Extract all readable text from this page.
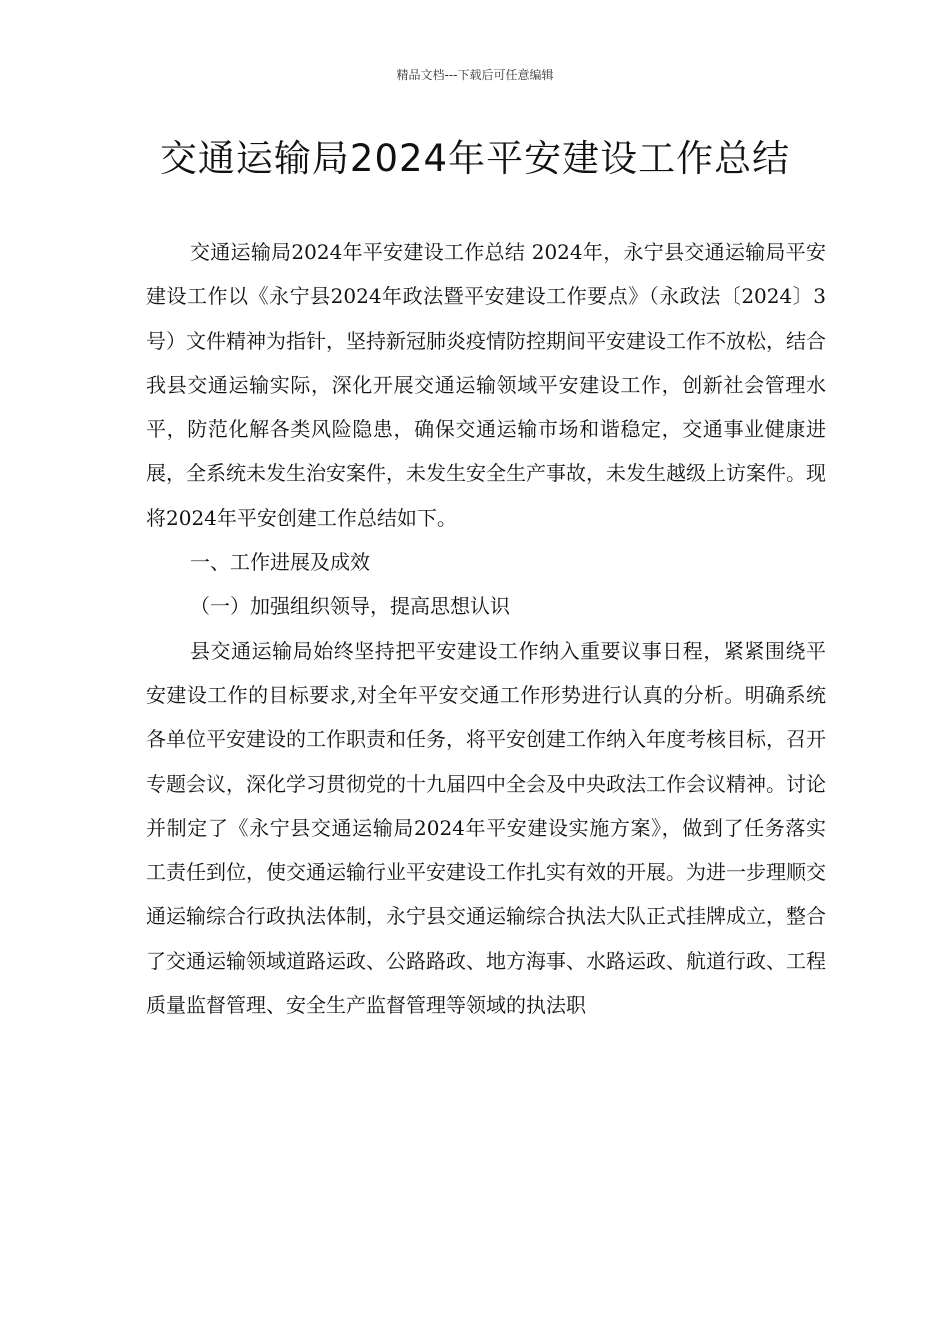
精品文档---下载后可任意编辑
交通运输局2024年平安建设工作总结

交通运输局2024年平安建设工作总结 2024年，永宁县交通运输局平安建设工作以《永宁县2024年政法暨平安建设工作要点》（永政法〔2024〕3号）文件精神为指针，坚持新冠肺炎疫情防控期间平安建设工作不放松，结合我县交通运输实际，深化开展交通运输领域平安建设工作，创新社会管理水平，防范化解各类风险隐患，确保交通运输市场和谐稳定，交通事业健康进展，全系统未发生治安案件，未发生安全生产事故，未发生越级上访案件。现将2024年平安创建工作总结如下。

一、工作进展及成效

（一）加强组织领导，提高思想认识

县交通运输局始终坚持把平安建设工作纳入重要议事日程，紧紧围绕平安建设工作的目标要求,对全年平安交通工作形势进行认真的分析。明确系统各单位平安建设的工作职责和任务，将平安创建工作纳入年度考核目标，召开专题会议，深化学习贯彻党的十九届四中全会及中央政法工作会议精神。讨论并制定了《永宁县交通运输局2024年平安建设实施方案》，做到了任务落实工责任到位，使交通运输行业平安建设工作扎实有效的开展。为进一步理顺交通运输综合行政执法体制，永宁县交通运输综合执法大队正式挂牌成立，整合了交通运输领域道路运政、公路路政、地方海事、水路运政、航道行政、工程质量监督管理、安全生产监督管理等领域的执法职
